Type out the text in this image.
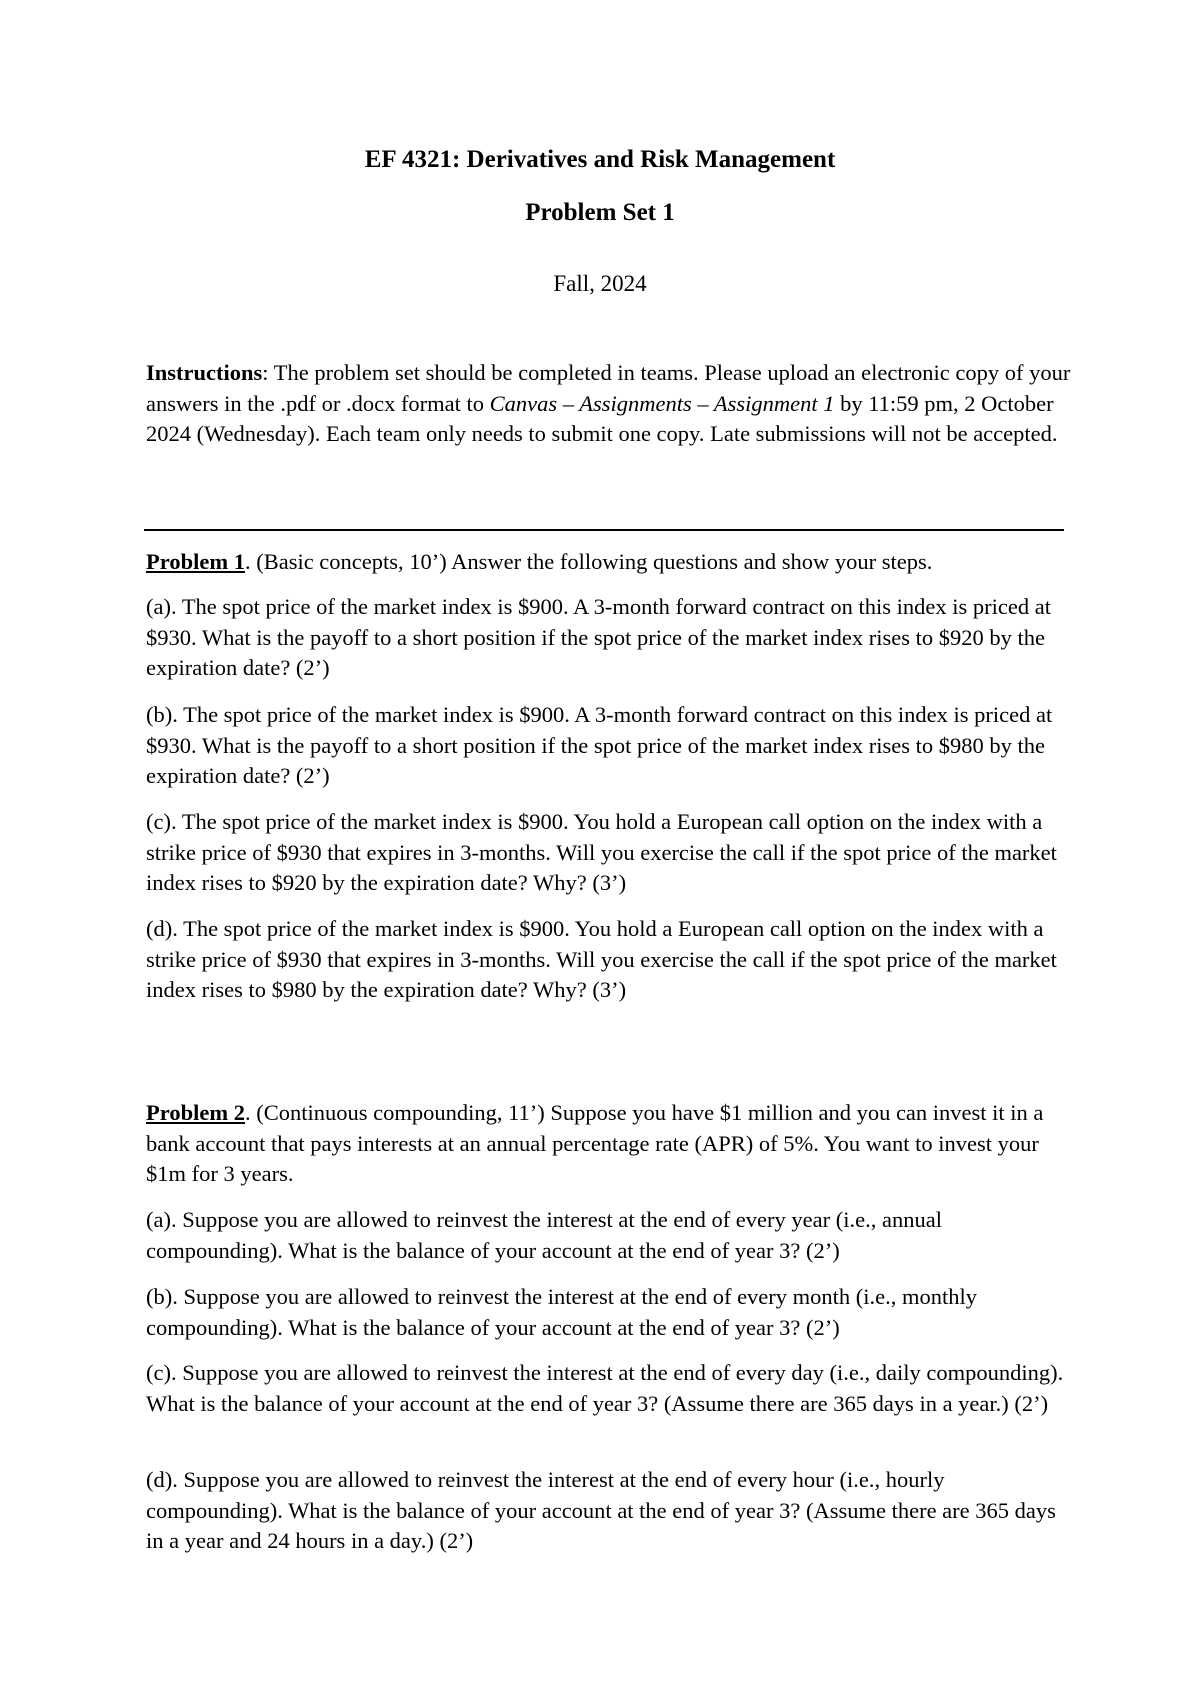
EF 4321: Derivatives and Risk Management
Problem Set 1

Fall, 2024

Instructions: The problem set should be completed in teams. Please upload an electronic copy of your answers in the .pdf or .docx format to Canvas – Assignments – Assignment 1 by 11:59 pm, 2 October 2024 (Wednesday). Each team only needs to submit one copy. Late submissions will not be accepted.

Problem 1. (Basic concepts, 10’) Answer the following questions and show your steps.

(a). The spot price of the market index is $900. A 3-month forward contract on this index is priced at $930. What is the payoff to a short position if the spot price of the market index rises to $920 by the expiration date? (2’)

(b). The spot price of the market index is $900. A 3-month forward contract on this index is priced at $930. What is the payoff to a short position if the spot price of the market index rises to $980 by the expiration date? (2’)

(c). The spot price of the market index is $900. You hold a European call option on the index with a strike price of $930 that expires in 3-months. Will you exercise the call if the spot price of the market index rises to $920 by the expiration date? Why? (3’)

(d). The spot price of the market index is $900. You hold a European call option on the index with a strike price of $930 that expires in 3-months. Will you exercise the call if the spot price of the market index rises to $980 by the expiration date? Why? (3’)

Problem 2. (Continuous compounding, 11’) Suppose you have $1 million and you can invest it in a bank account that pays interests at an annual percentage rate (APR) of 5%. You want to invest your $1m for 3 years.

(a). Suppose you are allowed to reinvest the interest at the end of every year (i.e., annual compounding). What is the balance of your account at the end of year 3? (2’)

(b). Suppose you are allowed to reinvest the interest at the end of every month (i.e., monthly compounding). What is the balance of your account at the end of year 3? (2’)

(c). Suppose you are allowed to reinvest the interest at the end of every day (i.e., daily compounding). What is the balance of your account at the end of year 3? (Assume there are 365 days in a year.) (2’)

(d). Suppose you are allowed to reinvest the interest at the end of every hour (i.e., hourly compounding). What is the balance of your account at the end of year 3? (Assume there are 365 days in a year and 24 hours in a day.) (2’)
